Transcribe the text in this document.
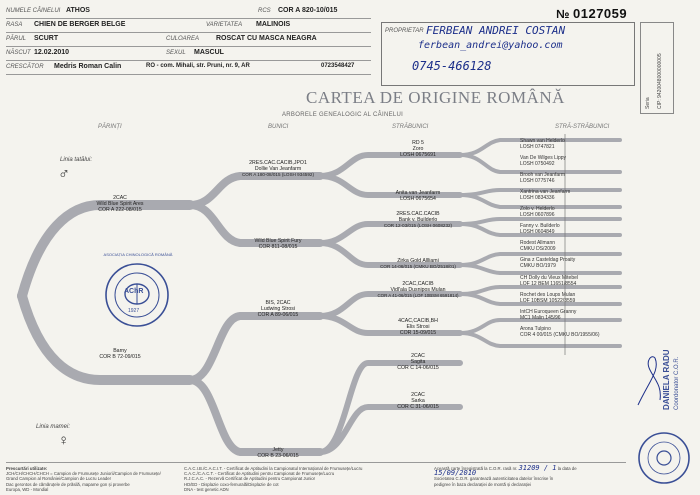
NUMELE CÂINELUI ATHOS	RCS COR A 820-10/015
RASA CHIEN DE BERGER BELGE	VARIETATEA MALINOIS
PĂRUL SCURT	CULOAREA ROSCAT CU MASCA NEAGRA
NĂSCUT 12.02.2010	SEXUL MASCUL
CRESCĂTOR Medris Roman Calin	RO - com. Mihali, str. Pruni, nr. 9, AR	0723548427
PROPRIETAR FERBEAN ANDREI COSTAN
ferbean_andrei@yahoo.com
0745-466128
№ 0127059
Seria CIP: 9420048000000005
CARTEA DE ORIGINE ROMÂNĂ
ARBORELE GENEALOGIC AL CÂINELUI
PĂRINȚI	BUNICI	STRĂBUNICI	STRĂ-STRĂBUNICI
Linia tatălui:
♂
Linia mamei:
♀
2CAC
Wild Blue Spirit Ares
COR A 222-08/015
Barny
COR B 72-09/015
AChR
1927
ASOCIAȚIA CHINOLOGICĂ ROMÂNĂ
2RES.CAC.CACIB,JPO1
Dollie Van Jeanfarm
COR A 180-08/015 (LOSH 934592)
Wild Blue Spirit Fury
COR 811-08/015
BIS, 2CAC
Ludwing Strosi
COR A 89-06/015
Jetty
COR B 23-06/015
RD 5
Zoro
LOSH 0675691
Anita van Jeanfarm
LOSH 0675654
2RES.CAC.CACIB
Bank v. Builderlo
COR 12-03/015 (LOSH 0608232)
Zirka Gold Allliami
COR 14-06/015 (CMKU BO/2518/01)
2CAC,CACIB
Vidl'ala Dusnipos Mulan
COR A 41-06/015 (LOF 10BSM 6591814)
4CAC,CACIB,BH
Elis Strosi
COR 15-09/015
2CAC
Sagita
COR C 14-06/015
2CAC
Sarka
COR C 31-06/015
Shawn van Helderlo
LOSH 0747821
Van De Wilges Lippy
LOSH 0750492
Brooh van Jeanfarm
LOSH 0775746
Xantrina van Jeanfarm
LOSH 0834336
Zolo v. Helderlo
LOSH 0607896
Fanny v. Builderlo
LOSH 0604849
Rodest Allmann
CMKU DS/2009
Gina z Casteldag Proaity
CMKU BO/1979
CH Dolly du Vieux Mitebel
LOF 12 BEM 11651/8554
Rochet des Loups Mulan
LOF 10BSM 10522/3559
IntCH Euroqueen Granny
MC1 Malin 145/96
Arona Tulpino
COR 4 00/015 (CMKU BO/1955/06)
DANIELA RADU Coordonator C.O.R.
Prescurtări utilizate:
JCH/CH/CHCH/CHCH = Campion de Frumusețe Juniorii/Campion de Frumusețe/
Grand Campion al României/Campion de Lucru Leader
Dac gerontos de cămăruțele de prăsilă, mapame gon și proverbe
Europa, WD - Mondial
C.A.C.I.B./C.A.C.I.T. - Certificat de Aptitudini la Campionatul Internațional de Frumusețe/Lucru
C.A.C./C.A.C.T. - Certificat de Aptitudini pentru Campionat de Frumusețe/Lucru
R.J.C.A.C. - Rezervă Certificat de Aptitudini pentru Campionat Junior
HD/ED - Displazie coxo-femurală/Displazie de cot
DNA - test genetic ADN
Această carte înregistrată la C.O.R. rasă nr. 31209 / 1 la data de
15/09/2010
Societatea C.O.R. garantează autenticitatea datelor înscrise în
pedigree în baza declarației de montă și declarației
